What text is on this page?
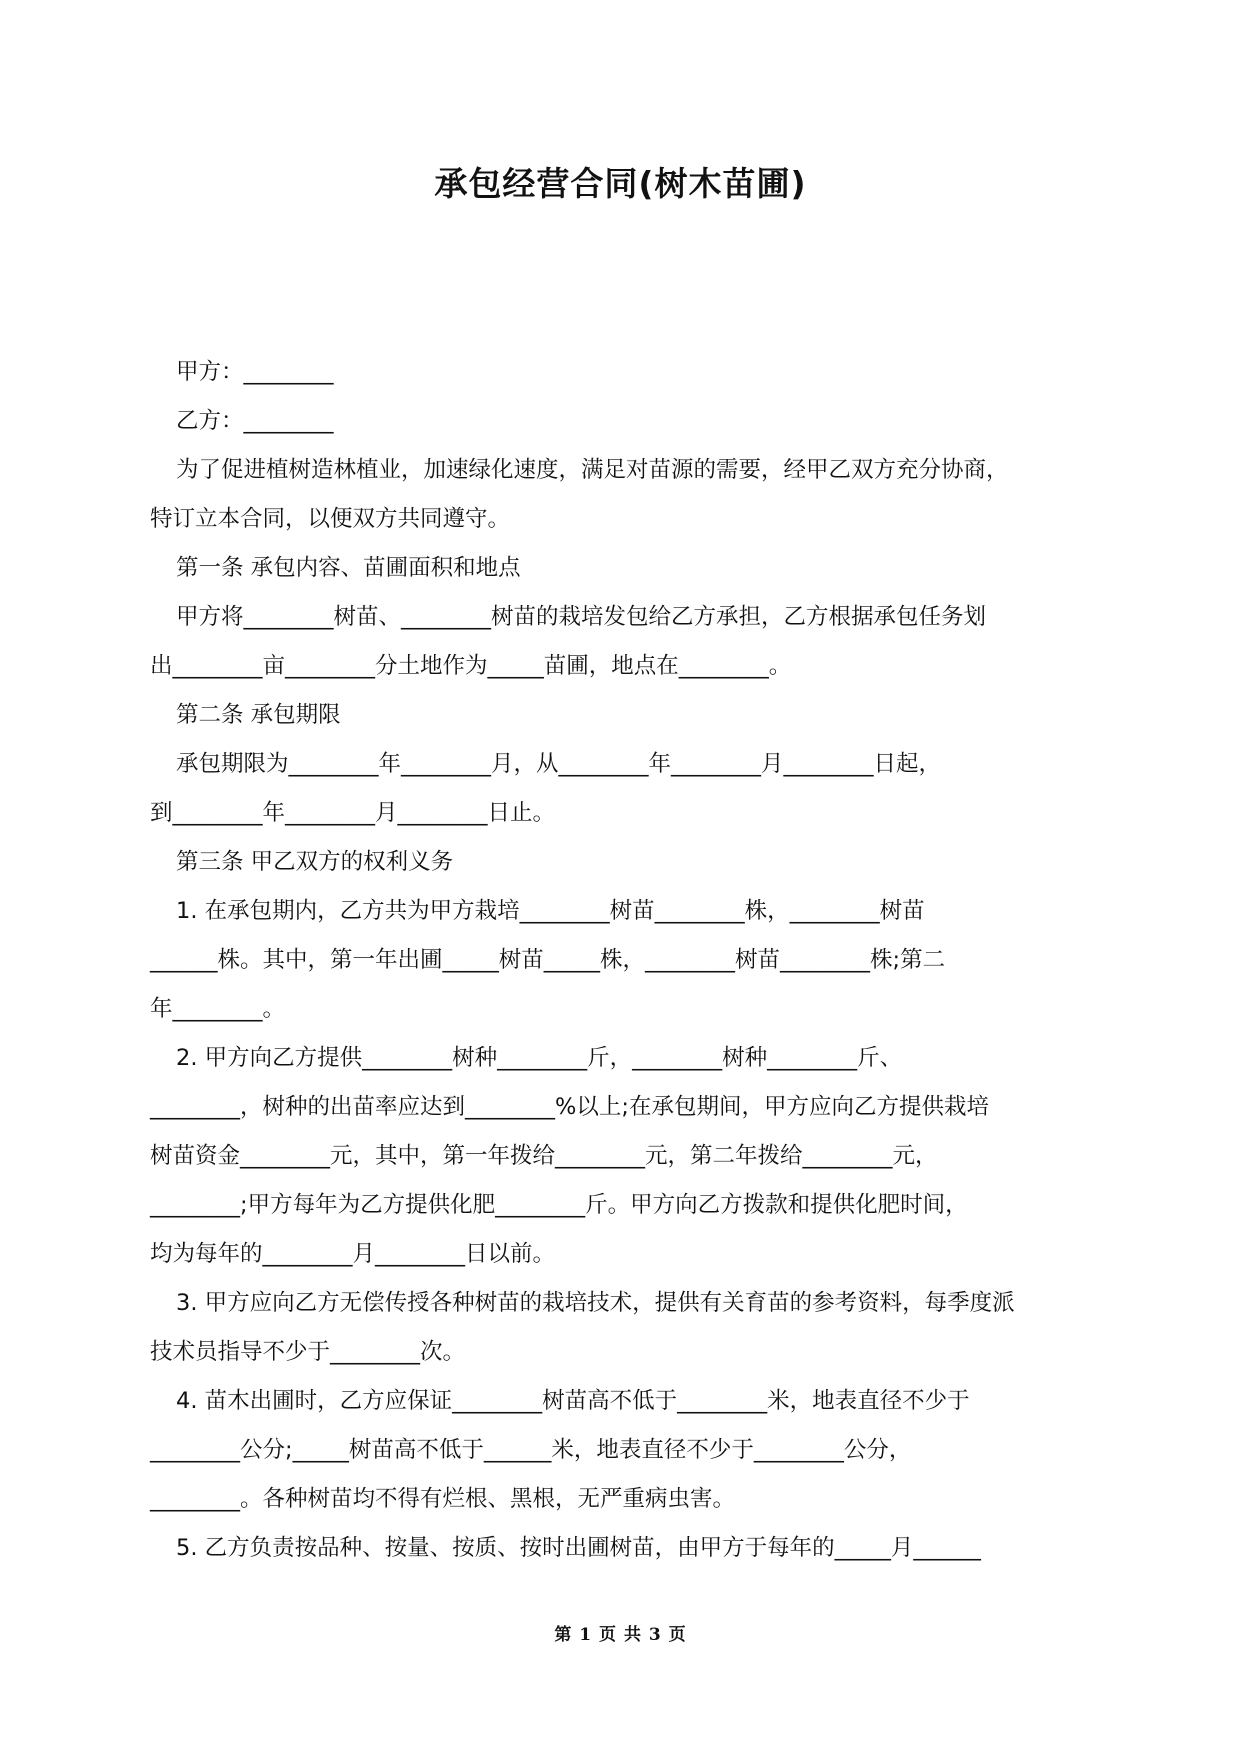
承包经营合同(树木苗圃)

甲方：________

乙方：________

为了促进植树造林植业，加速绿化速度，满足对苗源的需要，经甲乙双方充分协商，

特订立本合同，以便双方共同遵守。

第一条 承包内容、苗圃面积和地点

甲方将________树苗、________树苗的栽培发包给乙方承担，乙方根据承包任务划

出________亩________分土地作为_____苗圃，地点在________。

第二条 承包期限

承包期限为________年________月，从________年________月________日起，

到________年________月________日止。

第三条 甲乙双方的权利义务

1. 在承包期内，乙方共为甲方栽培________树苗________株，________树苗

______株。其中，第一年出圃_____树苗_____株，________树苗________株;第二

年________。

2. 甲方向乙方提供________树种________斤，________树种________斤、

________，树种的出苗率应达到________%以上;在承包期间，甲方应向乙方提供栽培

树苗资金________元，其中，第一年拨给________元，第二年拨给________元，

________;甲方每年为乙方提供化肥________斤。甲方向乙方拨款和提供化肥时间，

均为每年的________月________日以前。

3. 甲方应向乙方无偿传授各种树苗的栽培技术，提供有关育苗的参考资料，每季度派

技术员指导不少于________次。

4. 苗木出圃时，乙方应保证________树苗高不低于________米，地表直径不少于

________公分;_____树苗高不低于______米，地表直径不少于________公分，

________。各种树苗均不得有烂根、黑根，无严重病虫害。

5. 乙方负责按品种、按量、按质、按时出圃树苗，由甲方于每年的_____月______

第 1 页 共 3 页
